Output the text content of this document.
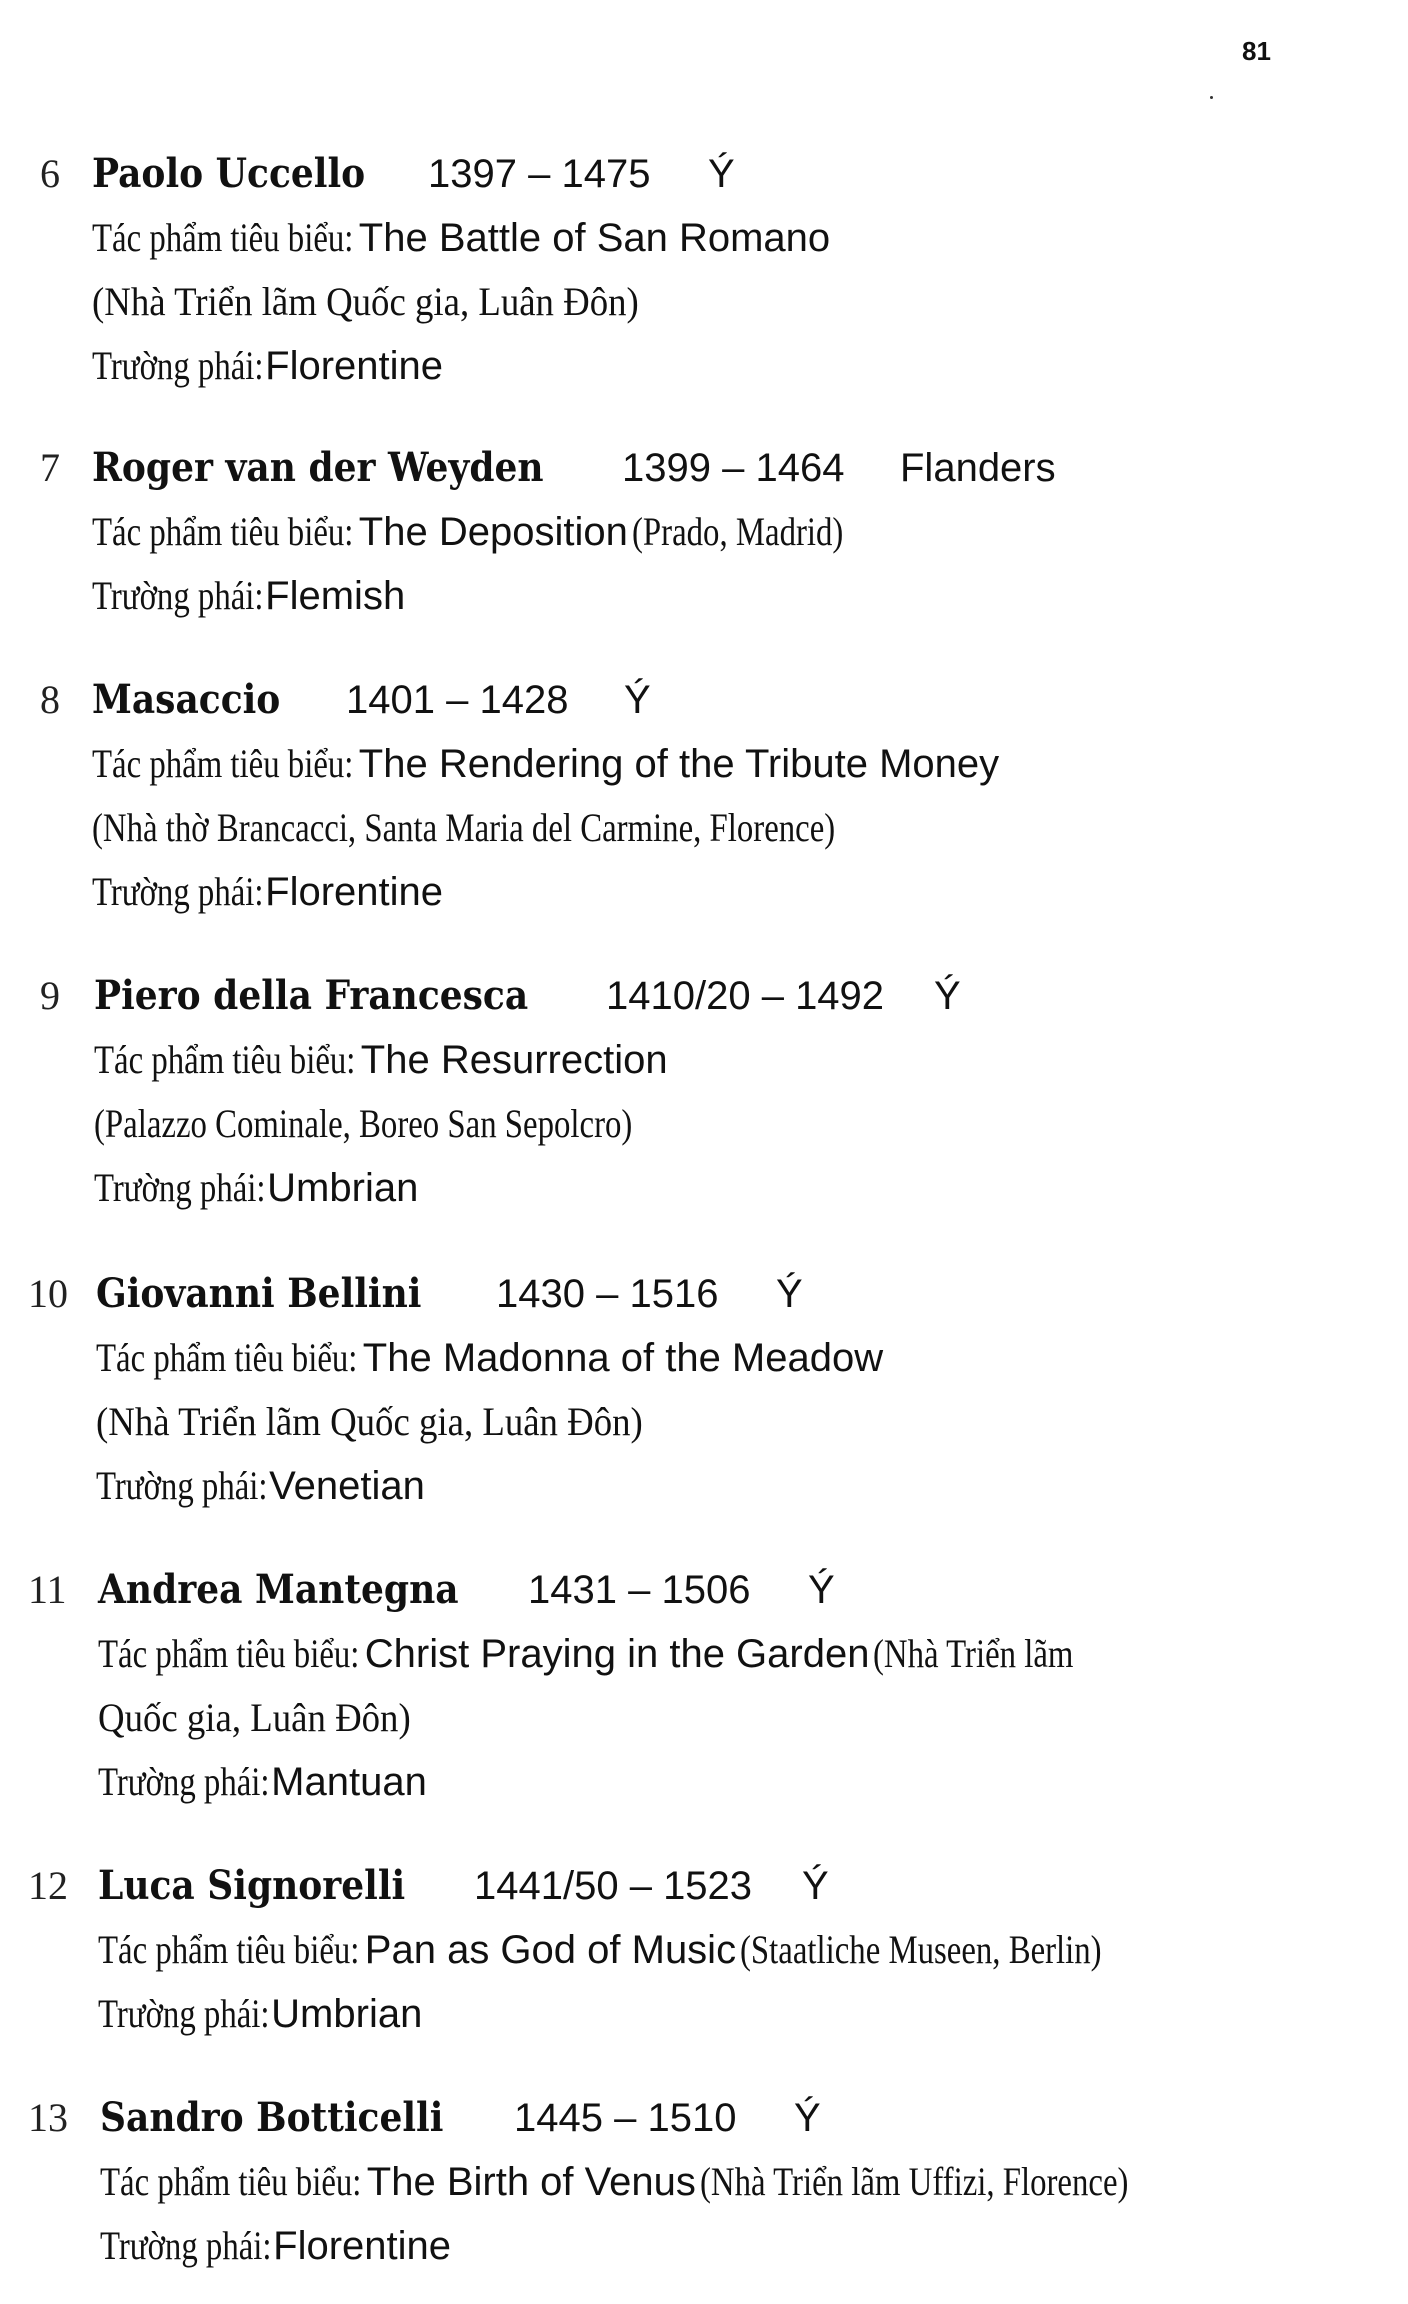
81
6 Paolo Uccello 1397 – 1475 Ý
Tác phẩm tiêu biểu: The Battle of San Romano
(Nhà Triển lãm Quốc gia, Luân Đôn)
Trường phái:Florentine
7 Roger van der Weyden 1399 – 1464 Flanders
Tác phẩm tiêu biểu: The Deposition (Prado, Madrid)
Trường phái:Flemish
8 Masaccio 1401 – 1428 Ý
Tác phẩm tiêu biểu: The Rendering of the Tribute Money
(Nhà thờ Brancacci, Santa Maria del Carmine, Florence)
Trường phái:Florentine
9 Piero della Francesca 1410/20 – 1492 Ý
Tác phẩm tiêu biểu: The Resurrection
(Palazzo Cominale, Boreo San Sepolcro)
Trường phái:Umbrian
10 Giovanni Bellini 1430 – 1516 Ý
Tác phẩm tiêu biểu: The Madonna of the Meadow
(Nhà Triển lãm Quốc gia, Luân Đôn)
Trường phái:Venetian
11 Andrea Mantegna 1431 – 1506 Ý
Tác phẩm tiêu biểu: Christ Praying in the Garden (Nhà Triển lãm
Quốc gia, Luân Đôn)
Trường phái:Mantuan
12 Luca Signorelli 1441/50 – 1523 Ý
Tác phẩm tiêu biểu: Pan as God of Music (Staatliche Museen, Berlin)
Trường phái:Umbrian
13 Sandro Botticelli 1445 – 1510 Ý
Tác phẩm tiêu biểu: The Birth of Venus (Nhà Triển lãm Uffizi, Florence)
Trường phái:Florentine
